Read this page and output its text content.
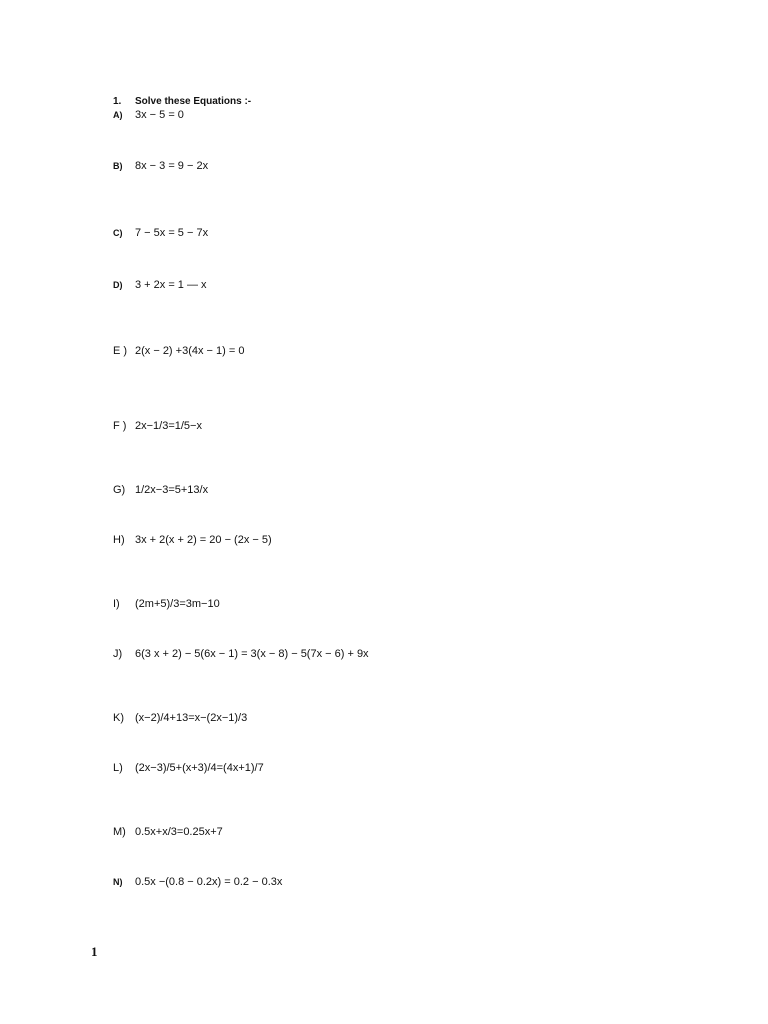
1. Solve these Equations :-
A) 3x − 5 = 0
B) 8x − 3 = 9 − 2x
C) 7 − 5x = 5 − 7x
D) 3 + 2x = 1 — x
E ) 2(x − 2) +3(4x − 1) = 0
F ) 2x−1/3=1/5−x
G) 1/2x−3=5+13/x
H) 3x + 2(x + 2) = 20 − (2x − 5)
I) (2m+5)/3=3m−10
J) 6(3 x + 2) − 5(6x − 1) = 3(x − 8) − 5(7x − 6) + 9x
K) (x−2)/4+13=x−(2x−1)/3
L) (2x−3)/5+(x+3)/4=(4x+1)/7
M) 0.5x+x/3=0.25x+7
N) 0.5x −(0.8 − 0.2x) = 0.2 − 0.3x
1
